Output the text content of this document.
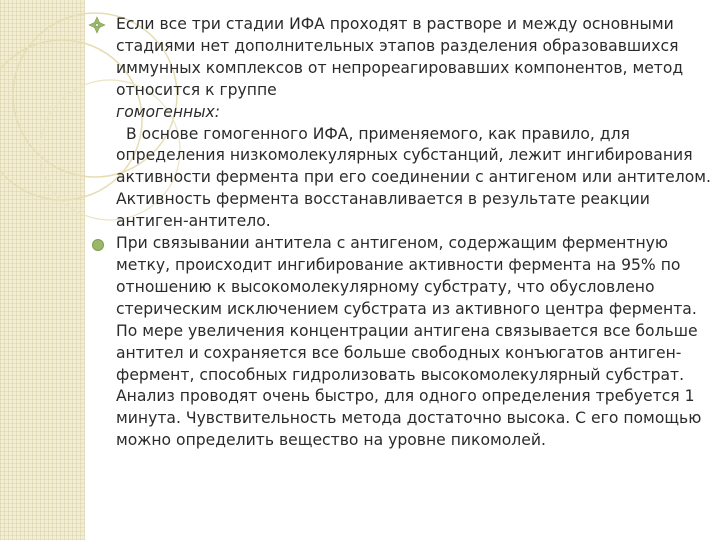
Если все три стадии ИФА проходят в растворе и между основными стадиями нет дополнительных этапов разделения образовавшихся иммунных комплексов от непрореагировавших компонентов, метод относится к группе
гомогенных:

В основе гомогенного ИФА, применяемого, как правило, для определения низкомолекулярных субстанций, лежит ингибирования активности фермента при его соединении с антигеном или антителом. Активность фермента восстанавливается в результате реакции антиген-антитело.

При связывании антитела с антигеном, содержащим ферментную метку, происходит ингибирование активности фермента на 95% по отношению к высокомолекулярному субстрату, что обусловлено стерическим исключением субстрата из активного центра фермента. По мере увеличения концентрации антигена связывается все больше антител и сохраняется все больше свободных конъюгатов антиген-фермент, способных гидролизовать высокомолекулярный субстрат. Анализ проводят очень быстро, для одного определения требуется 1 минута. Чувствительность метода достаточно высока. С его помощью можно определить вещество на уровне пикомолей.
